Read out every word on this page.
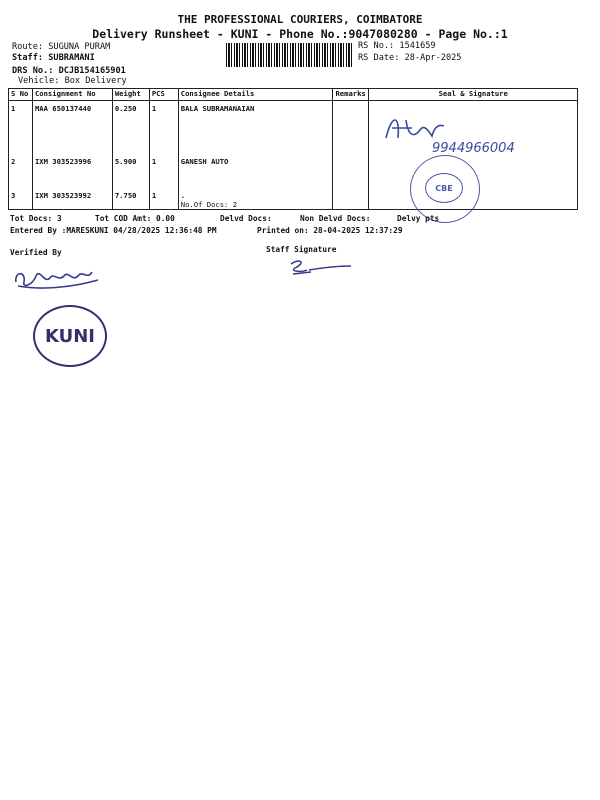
THE PROFESSIONAL COURIERS, COIMBATORE
Delivery Runsheet - KUNI - Phone No.:9047080280 - Page No.:1
Route: SUGUNA PURAM
Staff: SUBRAMANI
DRS No.: DCJB154165901
Vehicle: Box Delivery
RS No.: 1541659
RS Date: 28-Apr-2025
S No	Consignment No	Weight	PCS	Consignee Details	Remarks	Seal & Signature
1	MAA 650137440	0.250	1	BALA SUBRAMANAIAN		
2	IXM 303523996	5.900	1	GANESH AUTO		
3	IXM 303523992	7.750	1	.
No.Of Docs: 2		

9944966004
CBE
Tot Docs: 3	Tot COD Amt: 0.00	Delvd Docs:	Non Delvd Docs:	Delvy pts
Entered By :MARESKUNI 04/28/2025 12:36:48 PM	Printed on: 28-04-2025 12:37:29
Verified By	Staff Signature
KUNI
